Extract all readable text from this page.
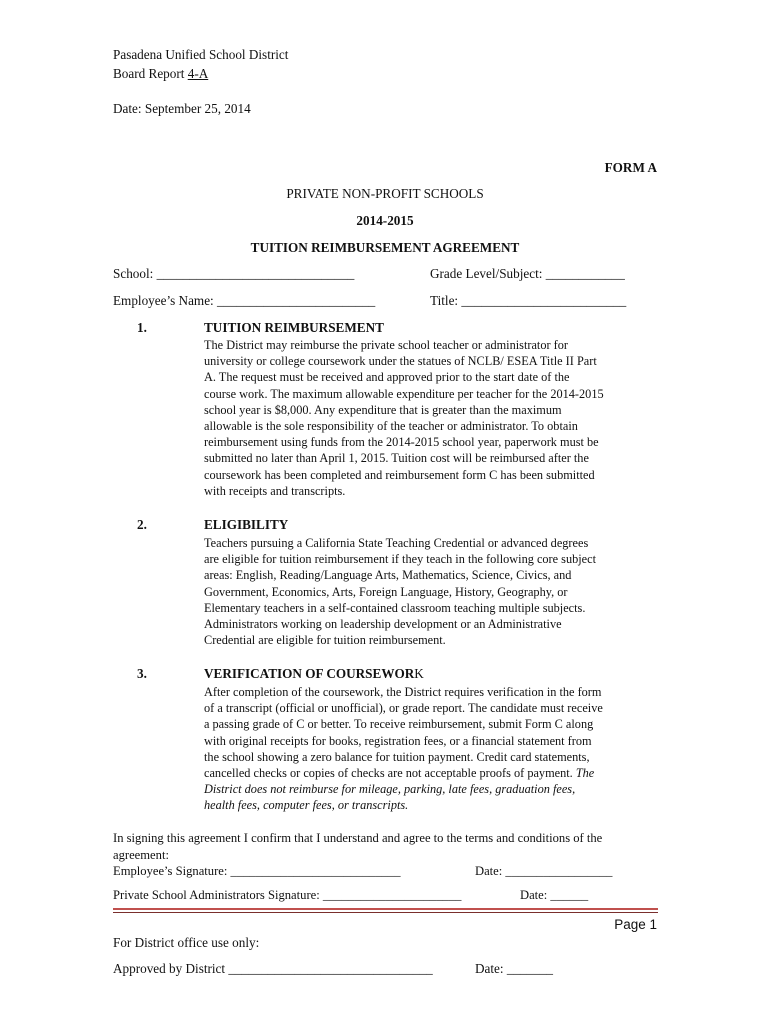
Pasadena Unified School District
Board Report 4-A
Date: September 25, 2014
FORM A
PRIVATE NON-PROFIT SCHOOLS
2014-2015
TUITION REIMBURSEMENT AGREEMENT
School: ______________________________	Grade Level/Subject: ____________
Employee’s Name: ________________________	Title: _________________________
1.	TUITION REIMBURSEMENT
The District may reimburse the private school teacher or administrator for
university or college coursework under the statues of NCLB/ ESEA Title II Part
A. The request must be received and approved prior to the start date of the
course work. The maximum allowable expenditure per teacher for the 2014-2015
school year is $8,000. Any expenditure that is greater than the maximum
allowable is the sole responsibility of the teacher or administrator. To obtain
reimbursement using funds from the 2014-2015 school year, paperwork must be
submitted no later than April 1, 2015. Tuition cost will be reimbursed after the
coursework has been completed and reimbursement form C has been submitted
with receipts and transcripts.
2.	ELIGIBILITY
Teachers pursuing a California State Teaching Credential or advanced degrees
are eligible for tuition reimbursement if they teach in the following core subject
areas: English, Reading/Language Arts, Mathematics, Science, Civics, and
Government, Economics, Arts, Foreign Language, History, Geography, or
Elementary teachers in a self-contained classroom teaching multiple subjects.
Administrators working on leadership development or an Administrative
Credential are eligible for tuition reimbursement.
3.	VERIFICATION OF COURSEWORK
After completion of the coursework, the District requires verification in the form
of a transcript (official or unofficial), or grade report. The candidate must receive
a passing grade of C or better. To receive reimbursement, submit Form C along
with original receipts for books, registration fees, or a financial statement from
the school showing a zero balance for tuition payment. Credit card statements,
cancelled checks or copies of checks are not acceptable proofs of payment. The
District does not reimburse for mileage, parking, late fees, graduation fees,
health fees, computer fees, or transcripts.
In signing this agreement I confirm that I understand and agree to the terms and conditions of the
agreement:
Employee’s Signature: ___________________________	Date: _________________
Private School Administrators Signature: ______________________	Date: ______
Page 1
For District office use only:
Approved by District _______________________________	Date: _______
